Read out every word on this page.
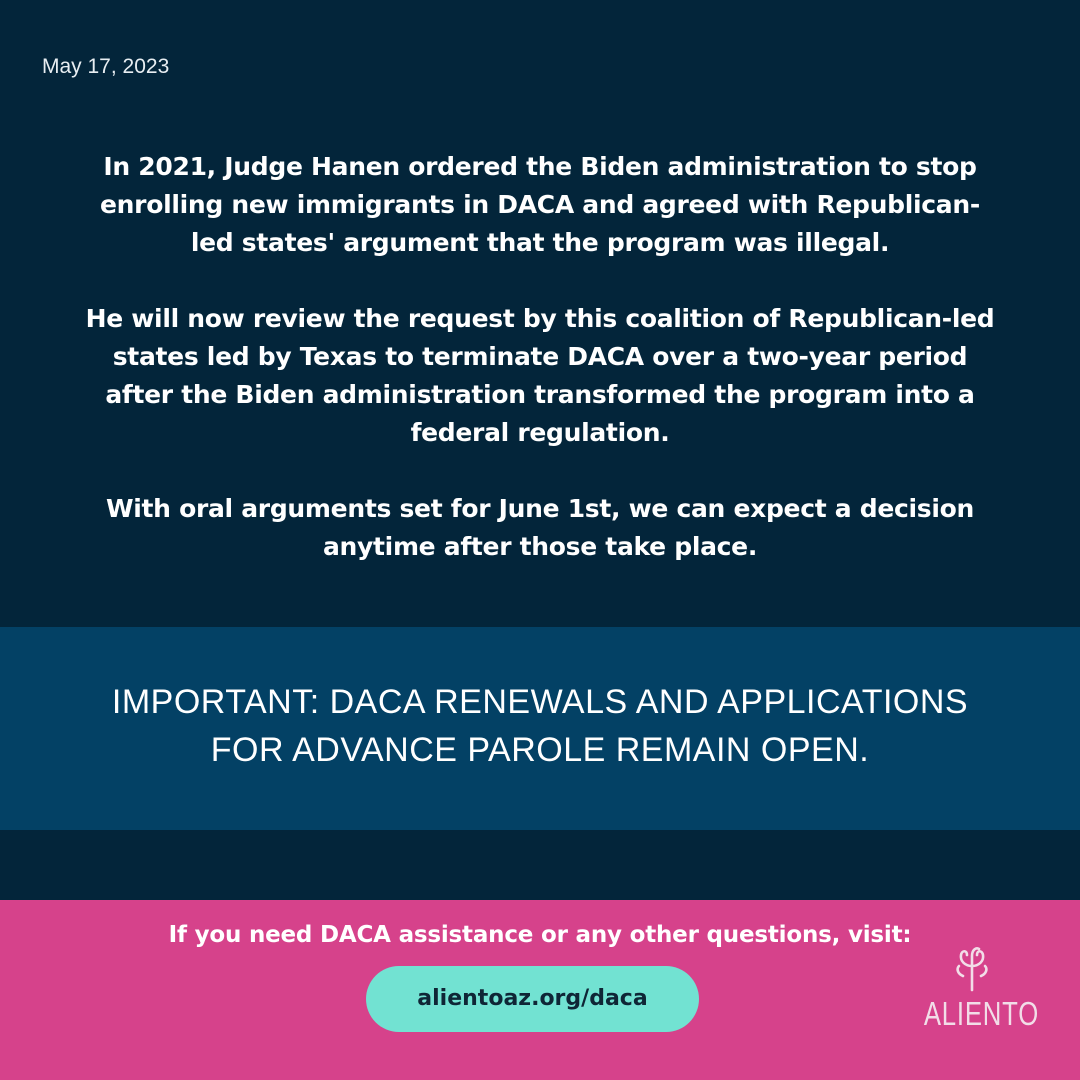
May 17, 2023

In 2021, Judge Hanen ordered the Biden administration to stop enrolling new immigrants in DACA and agreed with Republican-led states' argument that the program was illegal.

He will now review the request by this coalition of Republican-led states led by Texas to terminate DACA over a two-year period after the Biden administration transformed the program into a federal regulation.

With oral arguments set for June 1st, we can expect a decision anytime after those take place.

IMPORTANT: DACA RENEWALS AND APPLICATIONS
FOR ADVANCE PAROLE REMAIN OPEN.
If you need DACA assistance or any other questions, visit:
alientoaz.org/daca	ALIENTO
